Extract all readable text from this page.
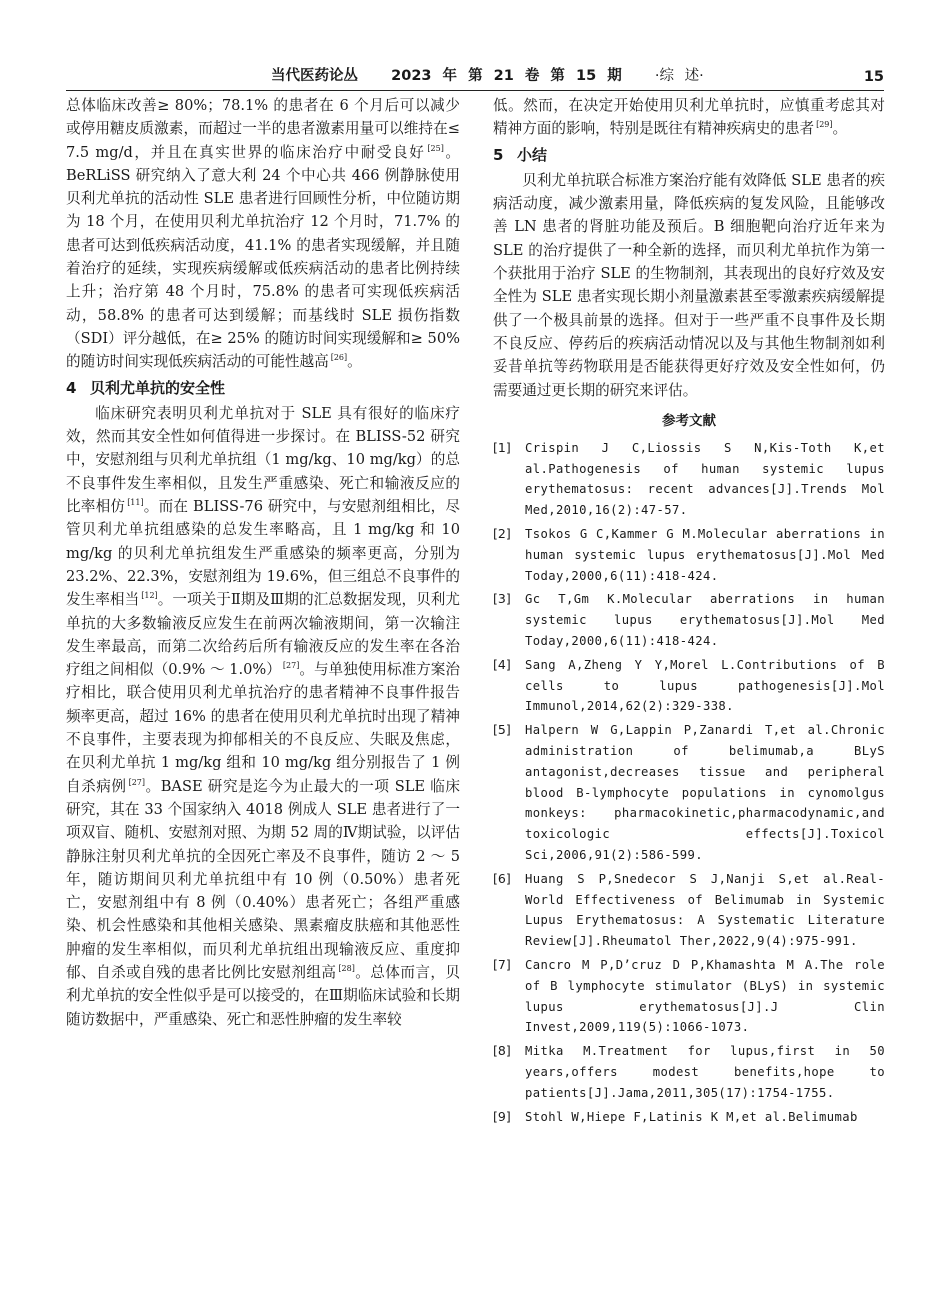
当代医药论丛 2023 年 第 21 卷 第 15 期 ·综 述·	15

总体临床改善≥ 80%；78.1% 的患者在 6 个月后可以减少或停用糖皮质激素，而超过一半的患者激素用量可以维持在≤ 7.5 mg/d，并且在真实世界的临床治疗中耐受良好 [25]。BeRLiSS 研究纳入了意大利 24 个中心共 466 例静脉使用贝利尤单抗的活动性 SLE 患者进行回顾性分析，中位随访期为 18 个月，在使用贝利尤单抗治疗 12 个月时，71.7% 的患者可达到低疾病活动度，41.1% 的患者实现缓解，并且随着治疗的延续，实现疾病缓解或低疾病活动的患者比例持续上升；治疗第 48 个月时，75.8% 的患者可实现低疾病活动，58.8% 的患者可达到缓解；而基线时 SLE 损伤指数（SDI）评分越低，在≥ 25% 的随访时间实现缓解和≥ 50% 的随访时间实现低疾病活动的可能性越高 [26]。

4 贝利尤单抗的安全性

临床研究表明贝利尤单抗对于 SLE 具有很好的临床疗效，然而其安全性如何值得进一步探讨。在 BLISS-52 研究中，安慰剂组与贝利尤单抗组（1 mg/kg、10 mg/kg）的总不良事件发生率相似，且发生严重感染、死亡和输液反应的比率相仿 [11]。而在 BLISS-76 研究中，与安慰剂组相比，尽管贝利尤单抗组感染的总发生率略高，且 1 mg/kg 和 10 mg/kg 的贝利尤单抗组发生严重感染的频率更高，分别为 23.2%、22.3%，安慰剂组为 19.6%，但三组总不良事件的发生率相当 [12]。一项关于Ⅱ期及Ⅲ期的汇总数据发现，贝利尤单抗的大多数输液反应发生在前两次输液期间，第一次输注发生率最高，而第二次给药后所有输液反应的发生率在各治疗组之间相似（0.9% ～ 1.0%） [27]。与单独使用标准方案治疗相比，联合使用贝利尤单抗治疗的患者精神不良事件报告频率更高，超过 16% 的患者在使用贝利尤单抗时出现了精神不良事件，主要表现为抑郁相关的不良反应、失眠及焦虑，在贝利尤单抗 1 mg/kg 组和 10 mg/kg 组分别报告了 1 例自杀病例 [27]。BASE 研究是迄今为止最大的一项 SLE 临床研究，其在 33 个国家纳入 4018 例成人 SLE 患者进行了一项双盲、随机、安慰剂对照、为期 52 周的Ⅳ期试验，以评估静脉注射贝利尤单抗的全因死亡率及不良事件，随访 2 ～ 5 年，随访期间贝利尤单抗组中有 10 例（0.50%）患者死亡，安慰剂组中有 8 例（0.40%）患者死亡；各组严重感染、机会性感染和其他相关感染、黑素瘤皮肤癌和其他恶性肿瘤的发生率相似，而贝利尤单抗组出现输液反应、重度抑郁、自杀或自残的患者比例比安慰剂组高 [28]。总体而言，贝利尤单抗的安全性似乎是可以接受的，在Ⅲ期临床试验和长期随访数据中，严重感染、死亡和恶性肿瘤的发生率较

低。然而，在决定开始使用贝利尤单抗时，应慎重考虑其对精神方面的影响，特别是既往有精神疾病史的患者 [29]。

5 小结

贝利尤单抗联合标准方案治疗能有效降低 SLE 患者的疾病活动度，减少激素用量，降低疾病的复发风险，且能够改善 LN 患者的肾脏功能及预后。B 细胞靶向治疗近年来为 SLE 的治疗提供了一种全新的选择，而贝利尤单抗作为第一个获批用于治疗 SLE 的生物制剂，其表现出的良好疗效及安全性为 SLE 患者实现长期小剂量激素甚至零激素疾病缓解提供了一个极具前景的选择。但对于一些严重不良事件及长期不良反应、停药后的疾病活动情况以及与其他生物制剂如利妥昔单抗等药物联用是否能获得更好疗效及安全性如何，仍需要通过更长期的研究来评估。

参考文献
[1]	Crispin J C,Liossis S N,Kis-Toth K,et al.Pathogenesis of human systemic lupus erythematosus: recent advances[J].Trends Mol Med,2010,16(2):47-57.
[2]	Tsokos G C,Kammer G M.Molecular aberrations in human systemic lupus erythematosus[J].Mol Med Today,2000,6(11):418-424.
[3]	Gc T,Gm K.Molecular aberrations in human systemic lupus erythematosus[J].Mol Med Today,2000,6(11):418-424.
[4]	Sang A,Zheng Y Y,Morel L.Contributions of B cells to lupus pathogenesis[J].Mol Immunol,2014,62(2):329-338.
[5]	Halpern W G,Lappin P,Zanardi T,et al.Chronic administration of belimumab,a BLyS antagonist,decreases tissue and peripheral blood B-lymphocyte populations in cynomolgus monkeys: pharmacokinetic,pharmacodynamic,and toxicologic effects[J].Toxicol Sci,2006,91(2):586-599.
[6]	Huang S P,Snedecor S J,Nanji S,et al.Real-World Effectiveness of Belimumab in Systemic Lupus Erythematosus: A Systematic Literature Review[J].Rheumatol Ther,2022,9(4):975-991.
[7]	Cancro M P,D’cruz D P,Khamashta M A.The role of B lymphocyte stimulator (BLyS) in systemic lupus erythematosus[J].J Clin Invest,2009,119(5):1066-1073.
[8]	Mitka M.Treatment for lupus,first in 50 years,offers modest benefits,hope to patients[J].Jama,2011,305(17):1754-1755.
[9]	Stohl W,Hiepe F,Latinis K M,et al.Belimumab
